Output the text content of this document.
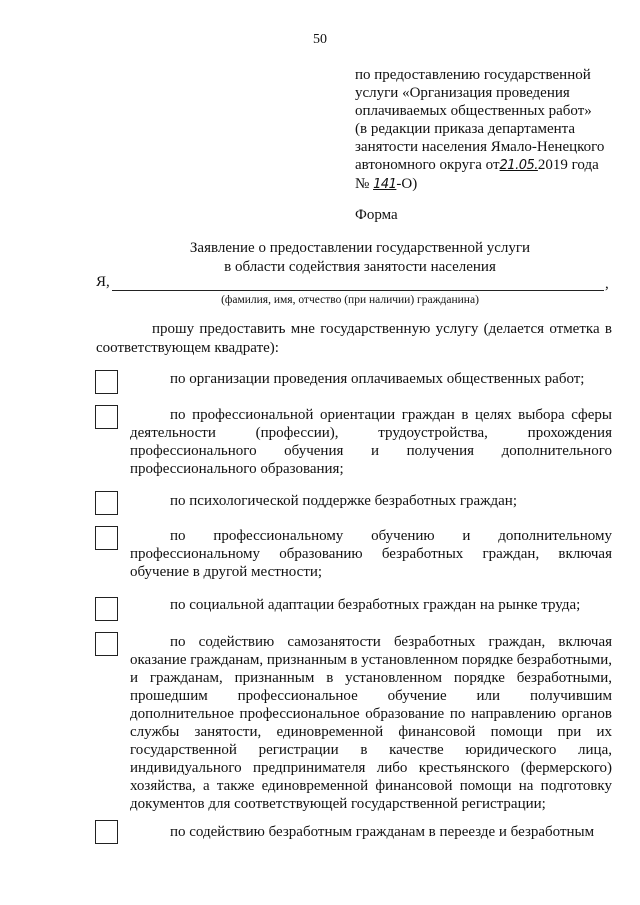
50
по предоставлению государственной
услуги «Организация проведения
оплачиваемых общественных работ»
(в редакции приказа департамента
занятости населения Ямало-Ненецкого
автономного округа от21.05.2019 года
№ 141-О)
Форма
Заявление о предоставлении государственной услуги
в области содействия занятости населения
Я,	,
(фамилия, имя, отчество (при наличии) гражданина)
прошу предоставить мне государственную услугу (делается отметка в соответствующем квадрате):
по организации проведения оплачиваемых общественных работ;
по профессиональной ориентации граждан в целях выбора сферы деятельности (профессии), трудоустройства, прохождения профессионального обучения и получения дополнительного профессионального образования;
по психологической поддержке безработных граждан;
по профессиональному обучению и дополнительному профессиональному образованию безработных граждан, включая обучение в другой местности;
по социальной адаптации безработных граждан на рынке труда;
по содействию самозанятости безработных граждан, включая оказание гражданам, признанным в установленном порядке безработными, и гражданам, признанным в установленном порядке безработными, прошедшим профессиональное обучение или получившим дополнительное профессиональное образование по направлению органов службы занятости, единовременной финансовой помощи при их государственной регистрации в качестве юридического лица, индивидуального предпринимателя либо крестьянского (фермерского) хозяйства, а также единовременной финансовой помощи на подготовку документов для соответствующей государственной регистрации;
по содействию безработным гражданам в переезде и безработным
